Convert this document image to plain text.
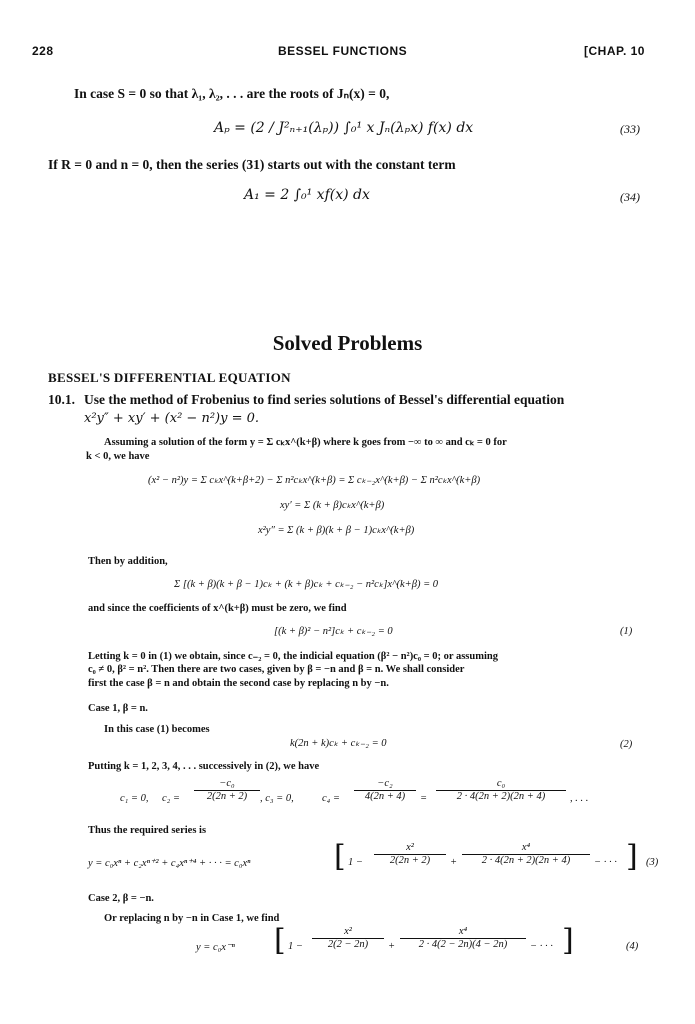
228	BESSEL FUNCTIONS	[CHAP. 10
In case S = 0 so that λ₁, λ₂, . . . are the roots of Jₙ(x) = 0,
Aₚ = (2 / J²ₙ₊₁(λₚ)) ∫₀¹ x Jₙ(λₚx) f(x) dx	(33)
If R = 0 and n = 0, then the series (31) starts out with the constant term
A₁ = 2 ∫₀¹ xf(x) dx	(34)
Solved Problems
BESSEL'S DIFFERENTIAL EQUATION
10.1. Use the method of Frobenius to find series solutions of Bessel's differential equation
x²y″ + xy′ + (x² − n²)y = 0.
Assuming a solution of the form y = Σ cₖx^(k+β) where k goes from −∞ to ∞ and cₖ = 0 for
k < 0, we have
(x² − n²)y = Σ cₖx^(k+β+2) − Σ n²cₖx^(k+β) = Σ cₖ₋₂x^(k+β) − Σ n²cₖx^(k+β)
xy′ = Σ (k + β)cₖx^(k+β)
x²y″ = Σ (k + β)(k + β − 1)cₖx^(k+β)
Then by addition,
Σ [(k + β)(k + β − 1)cₖ + (k + β)cₖ + cₖ₋₂ − n²cₖ]x^(k+β) = 0
and since the coefficients of x^(k+β) must be zero, we find
[(k + β)² − n²]cₖ + cₖ₋₂ = 0	(1)
Letting k = 0 in (1) we obtain, since c₋₂ = 0, the indicial equation (β² − n²)c₀ = 0; or assuming
c₀ ≠ 0, β² = n². Then there are two cases, given by β = −n and β = n. We shall consider
first the case β = n and obtain the second case by replacing n by −n.
Case 1, β = n.
In this case (1) becomes
k(2n + k)cₖ + cₖ₋₂ = 0	(2)
Putting k = 1, 2, 3, 4, . . . successively in (2), we have
c₁ = 0, $c_2 = \frac{\text{−c₀}}{2(2n + 2)}$ , c₃ = 0,	$c_4 = \frac{\text{−c₂}}{4(2n + 4)} = \frac{\text{c₀}}{2 \cdot 4(2n + 2)(2n + 4)}$ , . . .
Thus the required series is
y = c₀xⁿ + c₂xⁿ⁺² + c₄xⁿ⁺⁴ + · · · = c₀xⁿ	[ $1 - \frac{\text{x²}}{2(2n + 2)} + \frac{\text{x⁴}}{2 \cdot 4(2n + 2)(2n + 4)}$ − · · · ] (3)
Case 2, β = −n.
Or replacing n by −n in Case 1, we find
y = c₀x⁻ⁿ [ $1 - \frac{\text{x²}}{2(2 - 2n)} + \frac{\text{x⁴}}{2 \cdot 4(2 - 2n)(4 - 2n)}$ − · · · ]	(4)
